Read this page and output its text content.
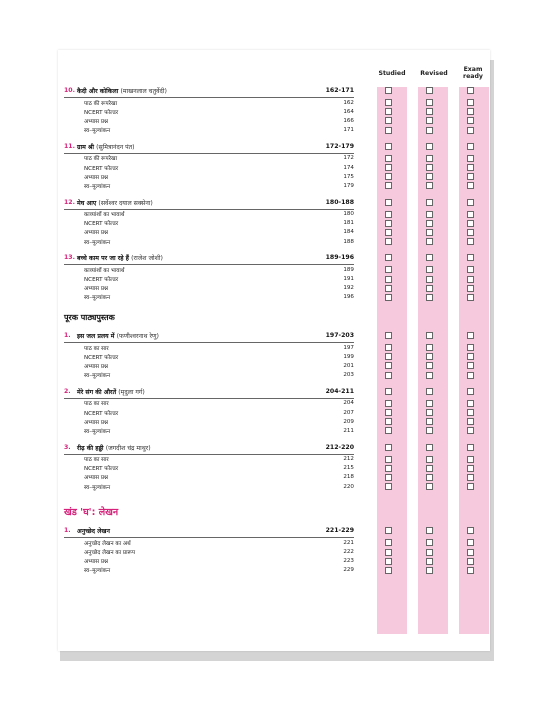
Studied	Revised
Exam ready
10. कैदी और कोकिला (माखनलाल चतुर्वेदी)	162-171
पाठ की रूपरेखा	162
NCERT फोल्डर	164
अभ्यास प्रश्न	166
स्व–मूल्यांकन	171
11. ग्राम श्री (सुमित्रानंदन पंत)	172-179
पाठ की रूपरेखा	172
NCERT फोल्डर	174
अभ्यास प्रश्न	175
स्व–मूल्यांकन	179
12. मेघ आए (सर्वेश्वर दयाल सक्सेना)	180-188
काव्यांशों का भावार्थ	180
NCERT फोल्डर	181
अभ्यास प्रश्न	184
स्व–मूल्यांकन	188
13. बच्चे काम पर जा रहे हैं (राजेश जोशी)	189-196
काव्यांशों का भावार्थ	189
NCERT फोल्डर	191
अभ्यास प्रश्न	192
स्व–मूल्यांकन	196
पूरक पाठ्यपुस्तक
1.	इस जल प्रलय में (फणीश्वरनाथ रेणु)	197-203
पाठ का सार	197
NCERT फोल्डर	199
अभ्यास प्रश्न	201
स्व–मूल्यांकन	203
2.	मेरे संग की औरतें (मृदुला गर्ग)	204-211
पाठ का सार	204
NCERT फोल्डर	207
अभ्यास प्रश्न	209
स्व–मूल्यांकन	211
3.	रीढ़ की हड्डी (जगदीश चंद्र माथुर)	212-220
पाठ का सार	212
NCERT फोल्डर	215
अभ्यास प्रश्न	218
स्व–मूल्यांकन	220
खंड 'घ': लेखन
1.	अनुच्छेद लेखन	221-229
अनुच्छेद लेखन का अर्थ	221
अनुच्छेद लेखन का प्रारूप	222
अभ्यास प्रश्न	223
स्व–मूल्यांकन	229
